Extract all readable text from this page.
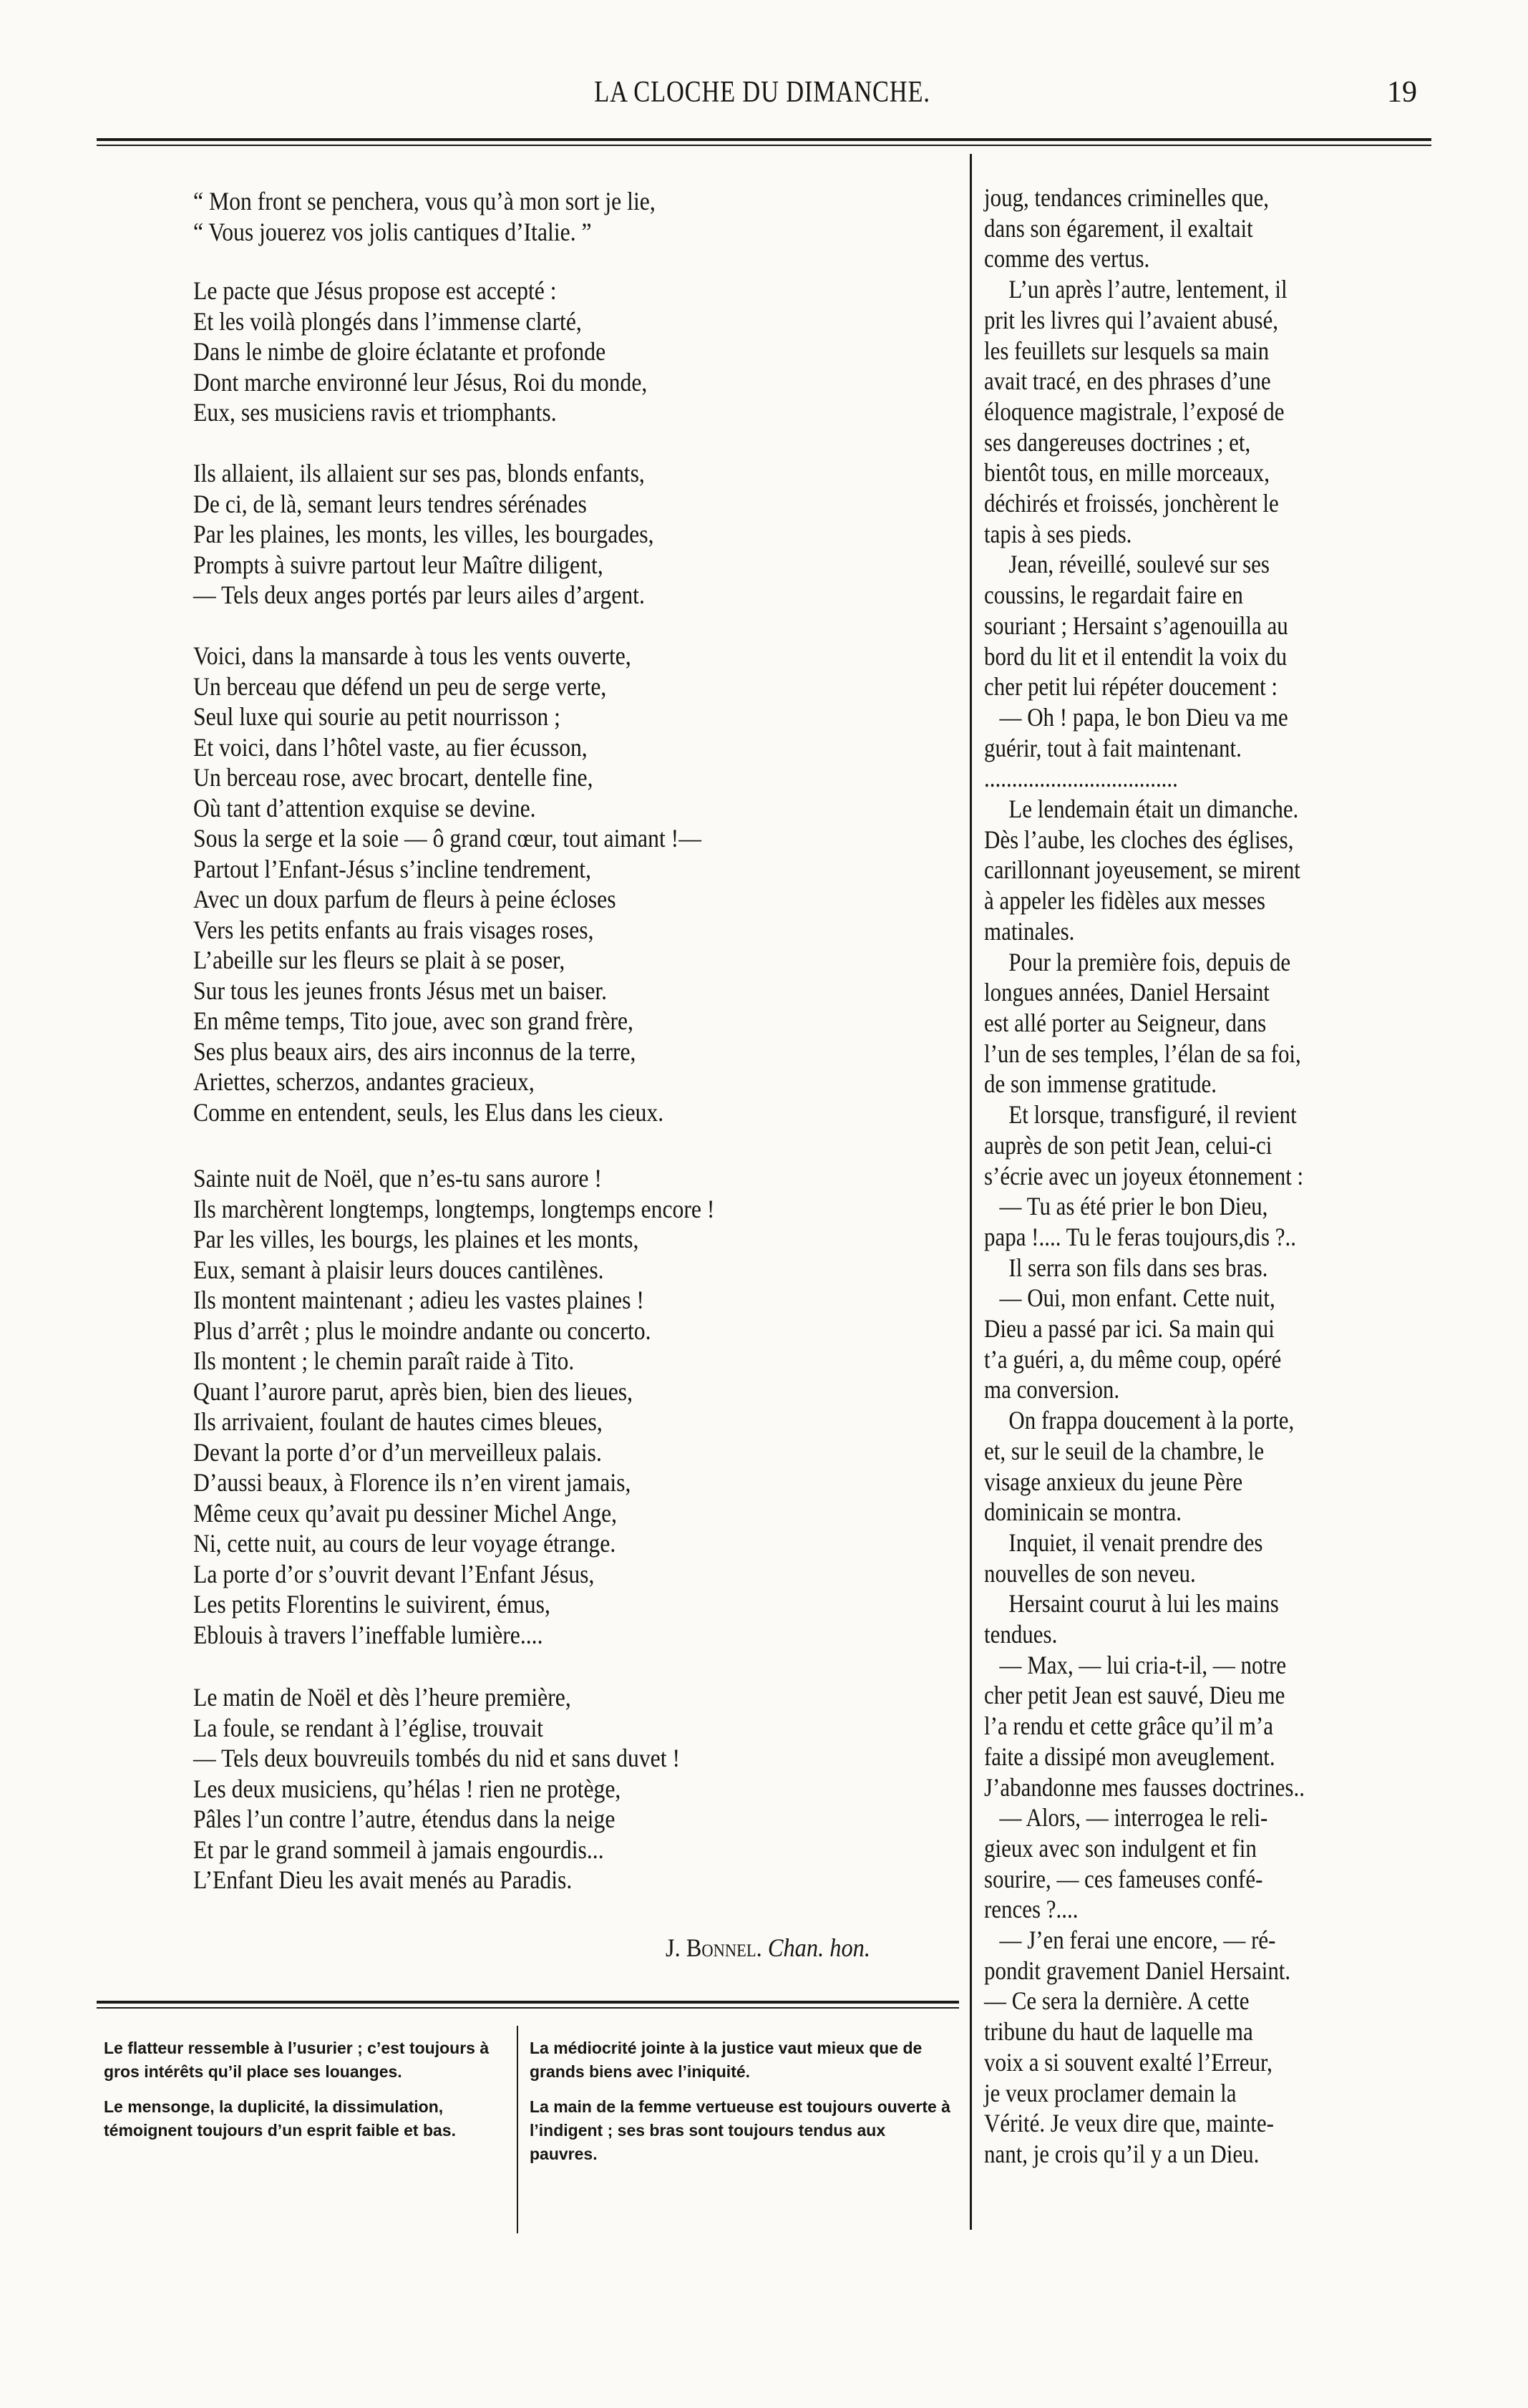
LA CLOCHE DU DIMANCHE.	19
“ Mon front se penchera, vous qu’à mon sort je lie,
“ Vous jouerez vos jolis cantiques d’Italie. ”
Le pacte que Jésus propose est accepté :
Et les voilà plongés dans l’immense clarté,
Dans le nimbe de gloire éclatante et profonde
Dont marche environné leur Jésus, Roi du monde,
Eux, ses musiciens ravis et triomphants.
Ils allaient, ils allaient sur ses pas, blonds enfants,
De ci, de là, semant leurs tendres sérénades
Par les plaines, les monts, les villes, les bourgades,
Prompts à suivre partout leur Maître diligent,
— Tels deux anges portés par leurs ailes d’argent.
Voici, dans la mansarde à tous les vents ouverte,
Un berceau que défend un peu de serge verte,
Seul luxe qui sourie au petit nourrisson ;
Et voici, dans l’hôtel vaste, au fier écusson,
Un berceau rose, avec brocart, dentelle fine,
Où tant d’attention exquise se devine.
Sous la serge et la soie — ô grand cœur, tout aimant !—
Partout l’Enfant-Jésus s’incline tendrement,
Avec un doux parfum de fleurs à peine écloses
Vers les petits enfants au frais visages roses,
L’abeille sur les fleurs se plait à se poser,
Sur tous les jeunes fronts Jésus met un baiser.
En même temps, Tito joue, avec son grand frère,
Ses plus beaux airs, des airs inconnus de la terre,
Ariettes, scherzos, andantes gracieux,
Comme en entendent, seuls, les Elus dans les cieux.
Sainte nuit de Noël, que n’es-tu sans aurore !
Ils marchèrent longtemps, longtemps, longtemps encore !
Par les villes, les bourgs, les plaines et les monts,
Eux, semant à plaisir leurs douces cantilènes.
Ils montent maintenant ; adieu les vastes plaines !
Plus d’arrêt ; plus le moindre andante ou concerto.
Ils montent ; le chemin paraît raide à Tito.
Quant l’aurore parut, après bien, bien des lieues,
Ils arrivaient, foulant de hautes cimes bleues,
Devant la porte d’or d’un merveilleux palais.
D’aussi beaux, à Florence ils n’en virent jamais,
Même ceux qu’avait pu dessiner Michel Ange,
Ni, cette nuit, au cours de leur voyage étrange.
La porte d’or s’ouvrit devant l’Enfant Jésus,
Les petits Florentins le suivirent, émus,
Eblouis à travers l’ineffable lumière....
Le matin de Noël et dès l’heure première,
La foule, se rendant à l’église, trouvait
— Tels deux bouvreuils tombés du nid et sans duvet !
Les deux musiciens, qu’hélas ! rien ne protège,
Pâles l’un contre l’autre, étendus dans la neige
Et par le grand sommeil à jamais engourdis...
L’Enfant Dieu les avait menés au Paradis.
J. Bonnel. Chan. hon.

Le flatteur ressemble à l’usurier ; c’est toujours à gros intérêts qu’il place ses louanges.

Le mensonge, la duplicité, la dissimulation, témoignent toujours d’un esprit faible et bas.

La médiocrité jointe à la justice vaut mieux que de grands biens avec l’iniquité.

La main de la femme vertueuse est toujours ouverte à l’indigent ; ses bras sont toujours tendus aux pauvres.

joug, tendances criminelles que,
dans son égarement, il exaltait
comme des vertus.
L’un après l’autre, lentement, il
prit les livres qui l’avaient abusé,
les feuillets sur lesquels sa main
avait tracé, en des phrases d’une
éloquence magistrale, l’exposé de
ses dangereuses doctrines ; et,
bientôt tous, en mille morceaux,
déchirés et froissés, jonchèrent le
tapis à ses pieds.
Jean, réveillé, soulevé sur ses
coussins, le regardait faire en
souriant ; Hersaint s’agenouilla au
bord du lit et il entendit la voix du
cher petit lui répéter doucement :
— Oh ! papa, le bon Dieu va me
guérir, tout à fait maintenant.
...................................
Le lendemain était un dimanche.
Dès l’aube, les cloches des églises,
carillonnant joyeusement, se mirent
à appeler les fidèles aux messes
matinales.
Pour la première fois, depuis de
longues années, Daniel Hersaint
est allé porter au Seigneur, dans
l’un de ses temples, l’élan de sa foi,
de son immense gratitude.
Et lorsque, transfiguré, il revient
auprès de son petit Jean, celui-ci
s’écrie avec un joyeux étonnement :
— Tu as été prier le bon Dieu,
papa !.... Tu le feras toujours,dis ?..
Il serra son fils dans ses bras.
— Oui, mon enfant. Cette nuit,
Dieu a passé par ici. Sa main qui
t’a guéri, a, du même coup, opéré
ma conversion.
On frappa doucement à la porte,
et, sur le seuil de la chambre, le
visage anxieux du jeune Père
dominicain se montra.
Inquiet, il venait prendre des
nouvelles de son neveu.
Hersaint courut à lui les mains
tendues.
— Max, — lui cria-t-il, — notre
cher petit Jean est sauvé, Dieu me
l’a rendu et cette grâce qu’il m’a
faite a dissipé mon aveuglement.
J’abandonne mes fausses doctrines..
— Alors, — interrogea le reli-
gieux avec son indulgent et fin
sourire, — ces fameuses confé-
rences ?....
— J’en ferai une encore, — ré-
pondit gravement Daniel Hersaint.
— Ce sera la dernière. A cette
tribune du haut de laquelle ma
voix a si souvent exalté l’Erreur,
je veux proclamer demain la
Vérité. Je veux dire que, mainte-
nant, je crois qu’il y a un Dieu.
